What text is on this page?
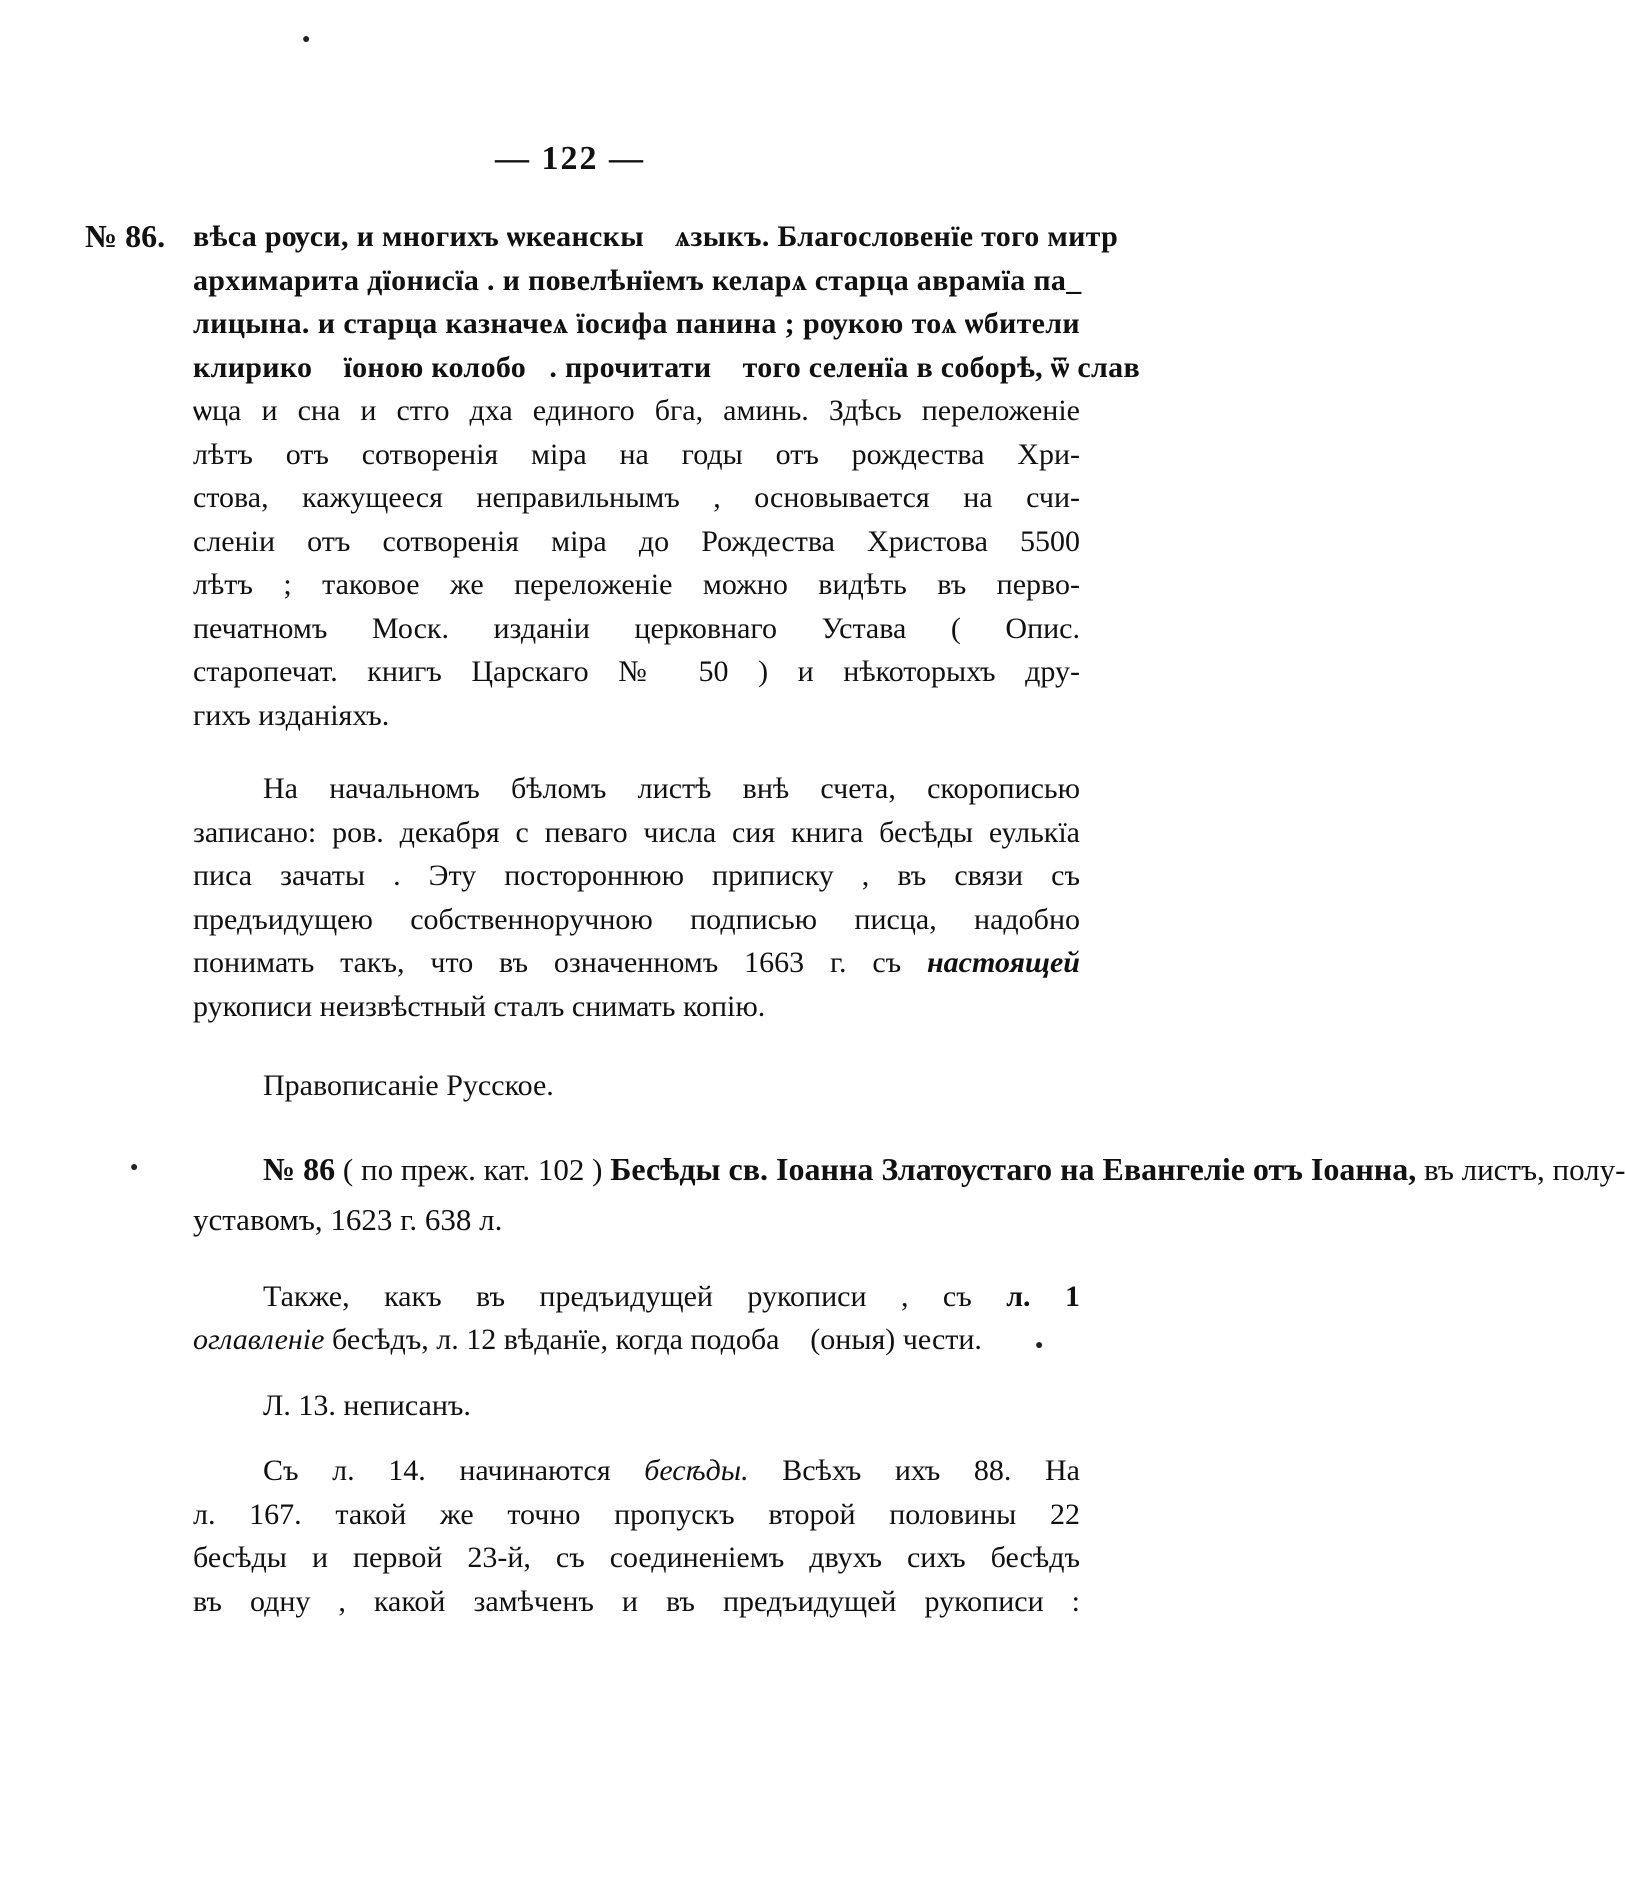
●
●
●
— 122 —
№ 86. вѣса рѹси, и многихъ ѡкеанскыⷯ ѧзыкъ. Благословенїе того митрⷪ
архимарита дїонисїа . и повелѣнїемъ келарѧ старца аврамїа па_
лицына. и старца казначеѧ їосифа панина ; рѹкою тоѧ ѡбители
клирикоⷨ їоною колобоⷨ. прочитатиⷨ того селенїа в соборѣ, ѿ славꙋ
ѡца и сна и стго дха единого бга, аминь. Здѣсь переложеніе
лѣтъ отъ сотворенія міра на годы отъ рождества Хри-
стова, кажущееся неправильнымъ , основывается на счи-
сленіи отъ сотворенія міра до Рождества Христова 5500
лѣтъ ; таковое же переложеніе можно видѣть въ перво-
печатномъ Моск. изданіи церковнаго Устава ( Опис.
старопечат. книгъ Царскаго № 50 ) и нѣкоторыхъ дру-
гихъ изданіяхъ.
На начальномъ бѣломъ листѣ внѣ счета, скорописью
записано: ров. декабря с певаго числа сия книга бесѣды еулькїа
писа зачаты . Эту постороннюю приписку , въ связи съ
предъидущею собственноручною подписью писца, надобно
понимать такъ, что въ означенномъ 1663 г. съ настоящей
рукописи неизвѣстный сталъ снимать копію.
Правописаніе Русское.
№ 86 ( по преж. кат. 102 ) Бесѣды св. Іоанна Златоустаго на Евангеліе отъ Іоанна, въ листъ, полу-
уставомъ, 1623 г. 638 л.
Также, какъ въ предъидущей рукописи , съ л. 1
оглавленіе бесѣдъ, л. 12 вѣданїе, когда подобаⷮ (оныя) чести.
Л. 13. неписанъ.
Съ л. 14. начинаются бесѣды. Всѣхъ ихъ 88. На
л. 167. такой же точно пропускъ второй половины 22
бесѣды и первой 23-й, съ соединеніемъ двухъ сихъ бесѣдъ
въ одну , какой замѣченъ и въ предъидущей рукописи :
